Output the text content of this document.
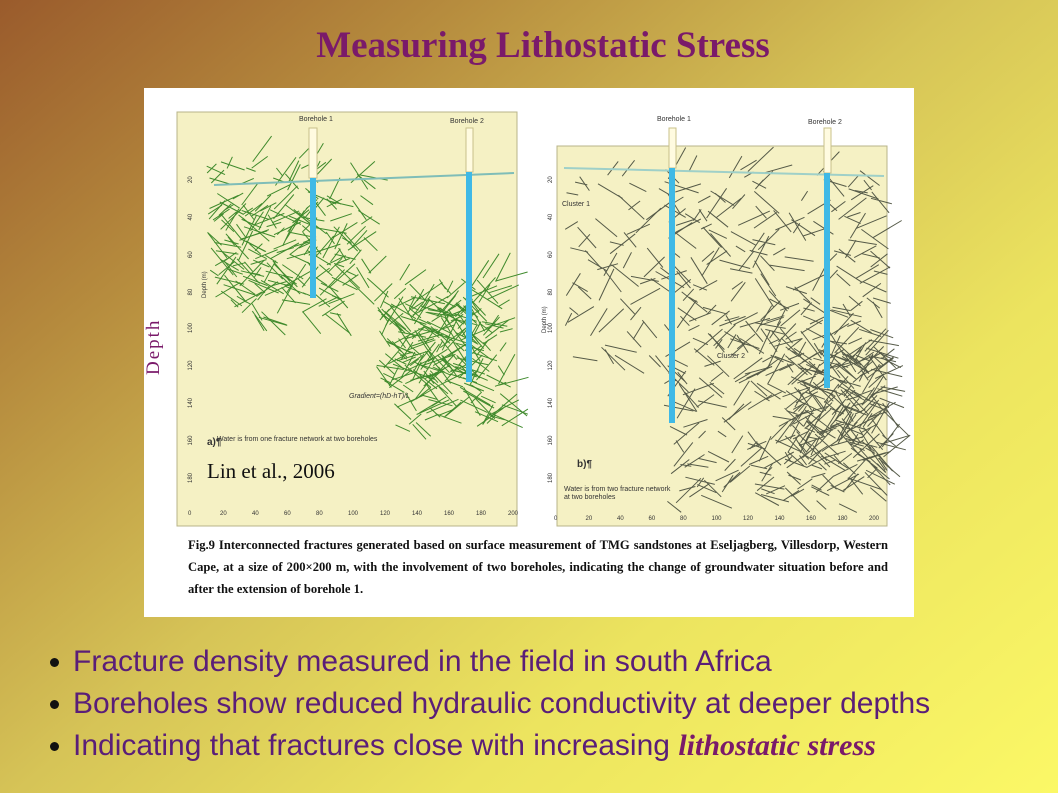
Measuring Lithostatic Stress
Borehole 1	Borehole 2
Gradient=(hD-hT)/L
a)¶
Water is from one fracture network at two boreholes
Depth (m)
0	20	40	60	80	100	120	140	160	180	200
20
40
60
80
100
120
140
160
180
Borehole 1	Borehole 2
Cluster 1
Cluster 2
b)¶
Water is from two fracture network
at two boreholes
Depth (m)
0	20	40	60	80	100	120	140	160	180	200
20
40
60
80
100
120
140
160
180
Fig.9 Interconnected fractures generated based on surface measurement of TMG sandstones at Eseljagberg, Villesdorp, Western Cape, at a size of 200×200 m, with the involvement of two boreholes, indicating the change of groundwater situation before and after the extension of borehole 1.
Depth
Lin et al., 2006
Fracture density measured in the field in south Africa
Boreholes show reduced hydraulic conductivity at deeper depths
Indicating that fractures close with increasing lithostatic stress
